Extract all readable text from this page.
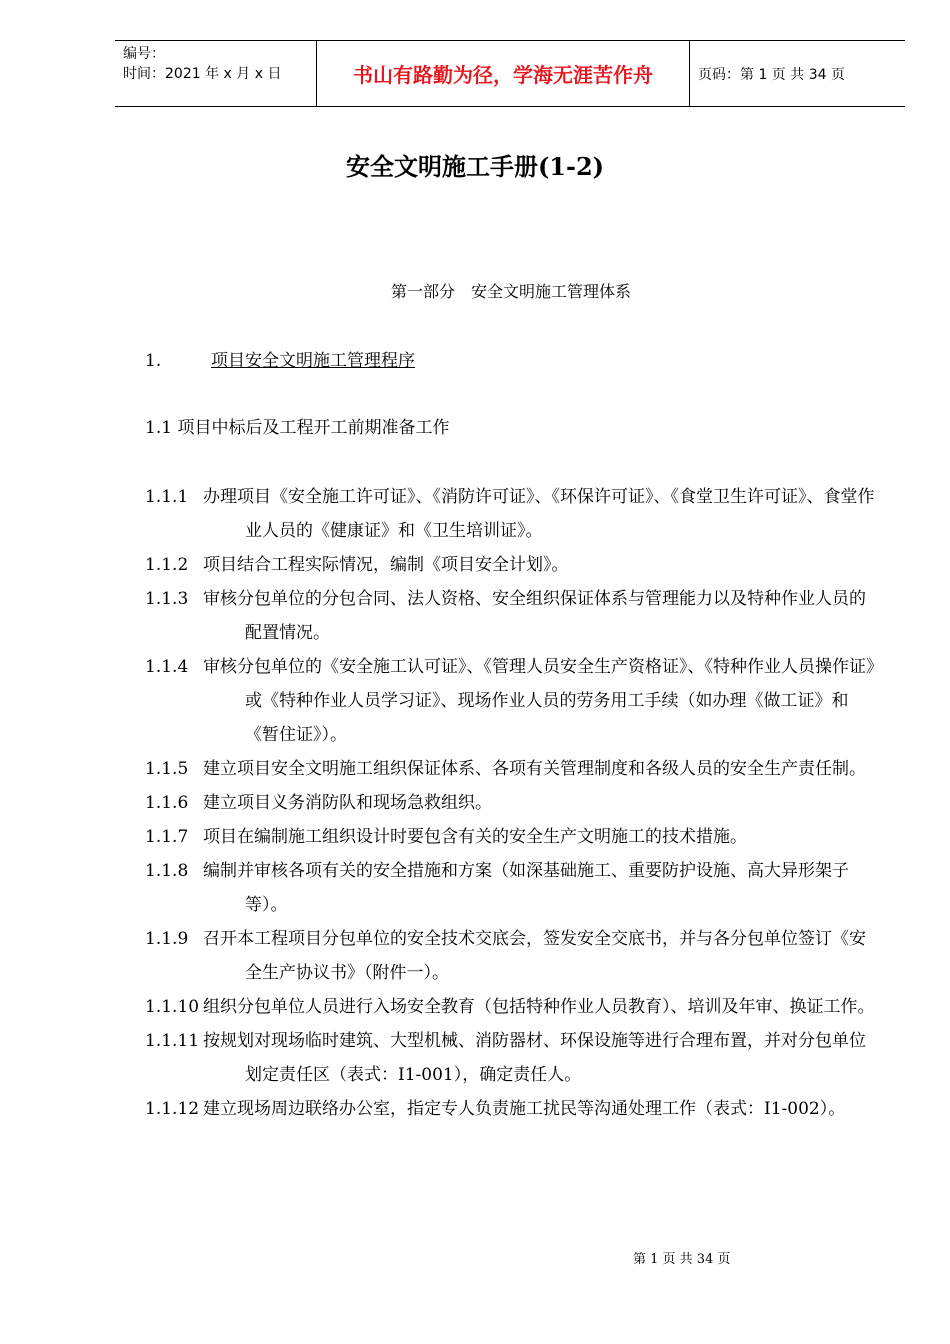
编号：
时间：2021 年 x 月 x 日	书山有路勤为径，学海无涯苦作舟	页码：第 1 页 共 34 页
安全文明施工手册(1-2)
第一部分　安全文明施工管理体系
1.	项目安全文明施工管理程序
1.1 项目中标后及工程开工前期准备工作
1.1.1 办理项目《安全施工许可证》、《消防许可证》、《环保许可证》、《食堂卫生许可证》、食堂作业人员的《健康证》和《卫生培训证》。
1.1.2 项目结合工程实际情况，编制《项目安全计划》。
1.1.3 审核分包单位的分包合同、法人资格、安全组织保证体系与管理能力以及特种作业人员的配置情况。
1.1.4 审核分包单位的《安全施工认可证》、《管理人员安全生产资格证》、《特种作业人员操作证》或《特种作业人员学习证》、现场作业人员的劳务用工手续（如办理《做工证》和《暂住证》）。
1.1.5 建立项目安全文明施工组织保证体系、各项有关管理制度和各级人员的安全生产责任制。
1.1.6 建立项目义务消防队和现场急救组织。
1.1.7 项目在编制施工组织设计时要包含有关的安全生产文明施工的技术措施。
1.1.8 编制并审核各项有关的安全措施和方案（如深基础施工、重要防护设施、高大异形架子等）。
1.1.9 召开本工程项目分包单位的安全技术交底会，签发安全交底书，并与各分包单位签订《安全生产协议书》（附件一）。
1.1.10 组织分包单位人员进行入场安全教育（包括特种作业人员教育）、培训及年审、换证工作。
1.1.11 按规划对现场临时建筑、大型机械、消防器材、环保设施等进行合理布置，并对分包单位划定责任区（表式：Ⅰ1-001），确定责任人。
1.1.12 建立现场周边联络办公室，指定专人负责施工扰民等沟通处理工作（表式：Ⅰ1-002）。
第 1 页 共 34 页
